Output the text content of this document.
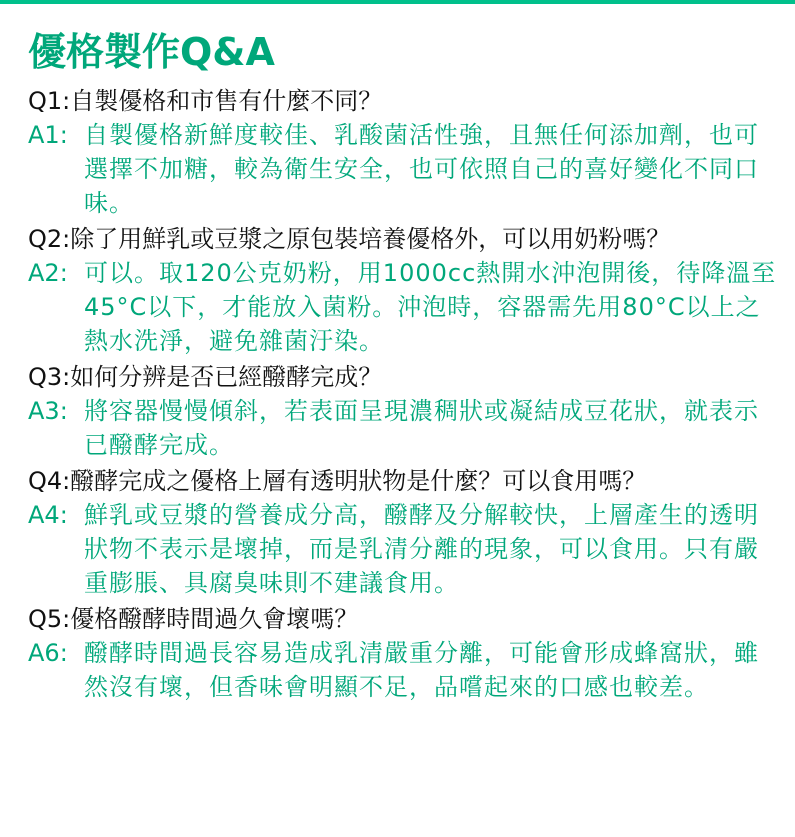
優格製作Q&A
Q1: 自製優格和市售有什麼不同？
A1: 自製優格新鮮度較佳、乳酸菌活性強，且無任何添加劑，也可選擇不加糖，較為衛生安全，也可依照自己的喜好變化不同口味。
Q2: 除了用鮮乳或豆漿之原包裝培養優格外，可以用奶粉嗎？
A2: 可以。取120公克奶粉，用1000cc熱開水沖泡開後，待降溫至45°C以下，才能放入菌粉。沖泡時，容器需先用80°C以上之熱水洗淨，避免雜菌汙染。
Q3: 如何分辨是否已經醱酵完成？
A3: 將容器慢慢傾斜，若表面呈現濃稠狀或凝結成豆花狀，就表示已醱酵完成。
Q4: 醱酵完成之優格上層有透明狀物是什麼？可以食用嗎？
A4: 鮮乳或豆漿的營養成分高，醱酵及分解較快，上層產生的透明狀物不表示是壞掉，而是乳清分離的現象，可以食用。只有嚴重膨脹、具腐臭味則不建議食用。
Q5: 優格醱酵時間過久會壞嗎？
A6: 醱酵時間過長容易造成乳清嚴重分離，可能會形成蜂窩狀，雖然沒有壞，但香味會明顯不足，品嚐起來的口感也較差。
